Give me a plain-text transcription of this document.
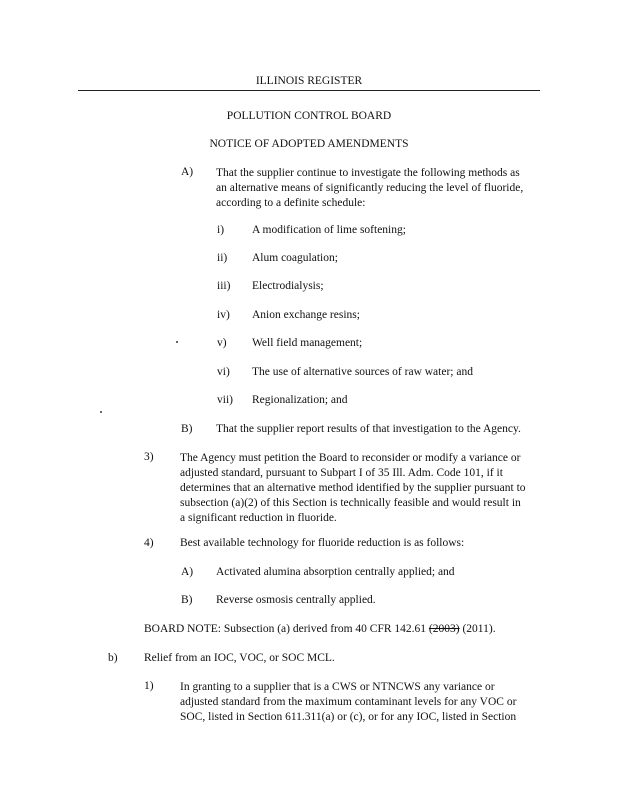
ILLINOIS REGISTER
POLLUTION CONTROL BOARD
NOTICE OF ADOPTED AMENDMENTS
A) That the supplier continue to investigate the following methods as
an alternative means of significantly reducing the level of fluoride,
according to a definite schedule:
i) A modification of lime softening;
ii) Alum coagulation;
iii) Electrodialysis;
iv) Anion exchange resins;
v) Well field management;
vi) The use of alternative sources of raw water; and
vii) Regionalization; and
B) That the supplier report results of that investigation to the Agency.
3) The Agency must petition the Board to reconsider or modify a variance or
adjusted standard, pursuant to Subpart I of 35 Ill. Adm. Code 101, if it
determines that an alternative method identified by the supplier pursuant to
subsection (a)(2) of this Section is technically feasible and would result in
a significant reduction in fluoride.
4) Best available technology for fluoride reduction is as follows:
A) Activated alumina absorption centrally applied; and
B) Reverse osmosis centrally applied.
BOARD NOTE: Subsection (a) derived from 40 CFR 142.61 (2003) (2011).
b) Relief from an IOC, VOC, or SOC MCL.
1) In granting to a supplier that is a CWS or NTNCWS any variance or
adjusted standard from the maximum contaminant levels for any VOC or
SOC, listed in Section 611.311(a) or (c), or for any IOC, listed in Section
